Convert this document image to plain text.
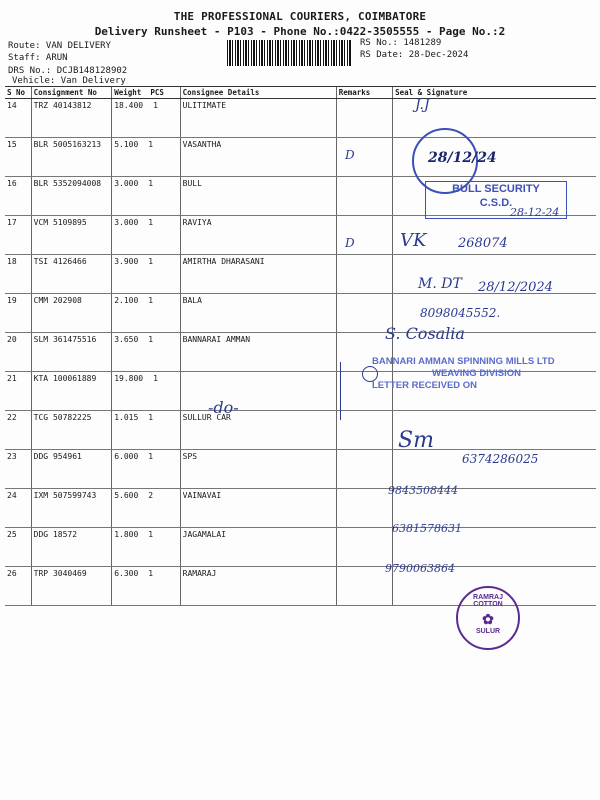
THE PROFESSIONAL COURIERS, COIMBATORE
Delivery Runsheet - P103 - Phone No.:0422-3505555 - Page No.:2
Route: VAN DELIVERY
Staff: ARUN
DRS No.: DCJB148128902
Vehicle: Van Delivery
RS No.: 1481289
RS Date: 28-Dec-2024
S No	Consignment No	Weight PCS	Consignee Details	Remarks	Seal & Signature
14	TRZ 40143812	18.400 1	ULITIMATE		
15	BLR 5005163213	5.100 1	VASANTHA		
16	BLR 5352094008	3.000 1	BULL		
17	VCM 5109895	3.000 1	RAVIYA		
18	TSI 4126466	3.900 1	AMIRTHA DHARASANI		
19	CMM 202908	2.100 1	BALA		
20	SLM 361475516	3.650 1	BANNARAI AMMAN		
21	KTA 100061889	19.800 1			
22	TCG 50782225	1.015 1	SULLUR CAR		
23	DDG 954961	6.000 1	SPS		
24	IXM 507599743	5.600 2	VAINAVAI		
25	DDG 18572	1.800 1	JAGAMALAI		
26	TRP 3040469	6.300 1	RAMARAJ		
J.J
28/12/24
D
BULL SECURITY
C.S.D.
28-12-24
D	VK 268074
M. DT 28/12/2024
8098045552.
S. Cosalia
BANNARI AMMAN SPINNING MILLS LTD
WEAVING DIVISION
LETTER RECEIVED ON
-do-
Sm
6374286025
9843508444
6381578631
9790063864
RAMRAJ COTTON
✿
SULUR
